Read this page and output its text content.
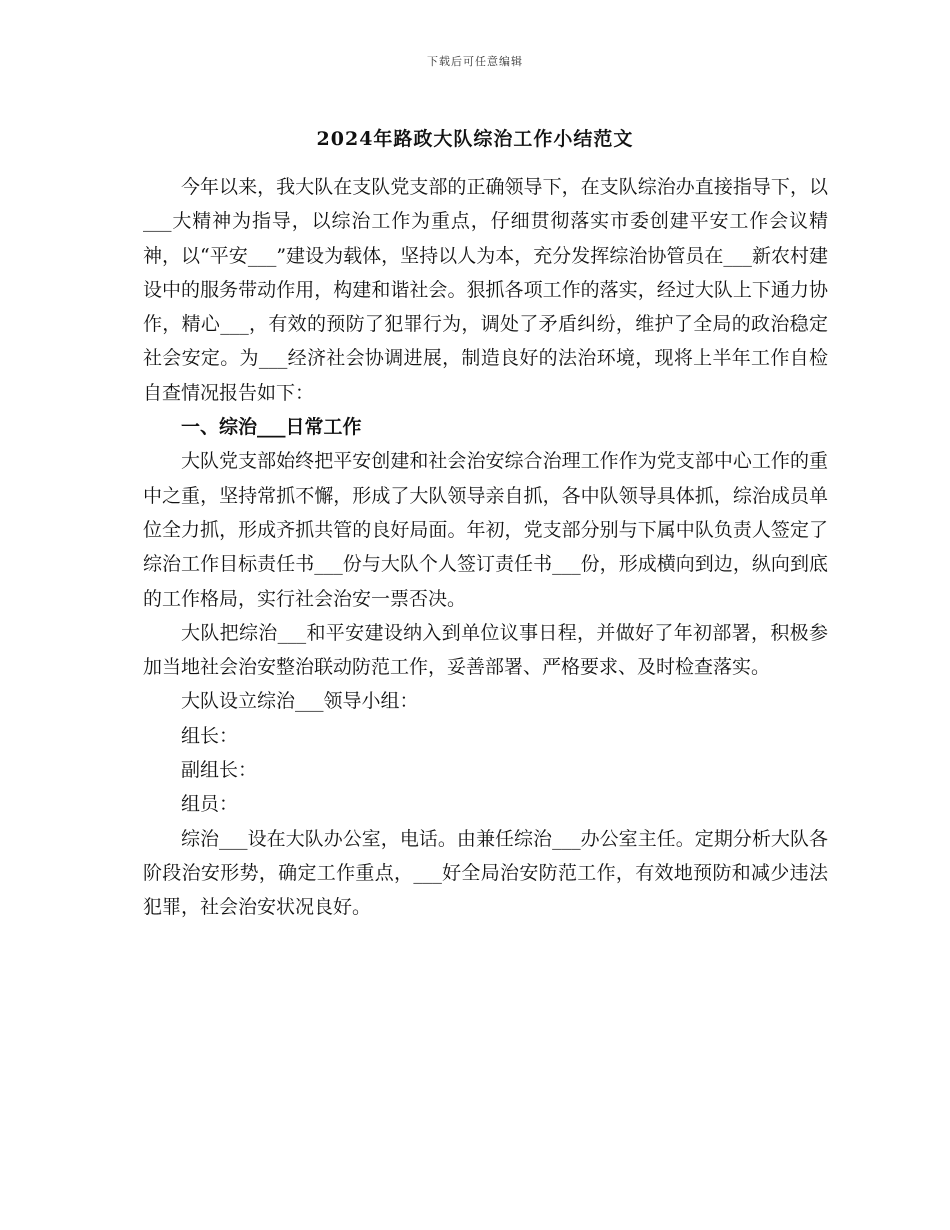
下载后可任意编辑
2024年路政大队综治工作小结范文

今年以来，我大队在支队党支部的正确领导下，在支队综治办直接指导下，以___大精神为指导，以综治工作为重点，仔细贯彻落实市委创建平安工作会议精神，以“平安___”建设为载体，坚持以人为本，充分发挥综治协管员在___新农村建设中的服务带动作用，构建和谐社会。狠抓各项工作的落实，经过大队上下通力协作，精心___，有效的预防了犯罪行为，调处了矛盾纠纷，维护了全局的政治稳定社会安定。为___经济社会协调进展，制造良好的法治环境，现将上半年工作自检自查情况报告如下：

一、综治___日常工作

大队党支部始终把平安创建和社会治安综合治理工作作为党支部中心工作的重中之重，坚持常抓不懈，形成了大队领导亲自抓，各中队领导具体抓，综治成员单位全力抓，形成齐抓共管的良好局面。年初，党支部分别与下属中队负责人签定了综治工作目标责任书___份与大队个人签订责任书___份，形成横向到边，纵向到底的工作格局，实行社会治安一票否决。

大队把综治___和平安建设纳入到单位议事日程，并做好了年初部署，积极参加当地社会治安整治联动防范工作，妥善部署、严格要求、及时检查落实。

大队设立综治___领导小组：

组长：

副组长：

组员：

综治___设在大队办公室，电话。由兼任综治___办公室主任。定期分析大队各阶段治安形势，确定工作重点，___好全局治安防范工作，有效地预防和减少违法犯罪，社会治安状况良好。
